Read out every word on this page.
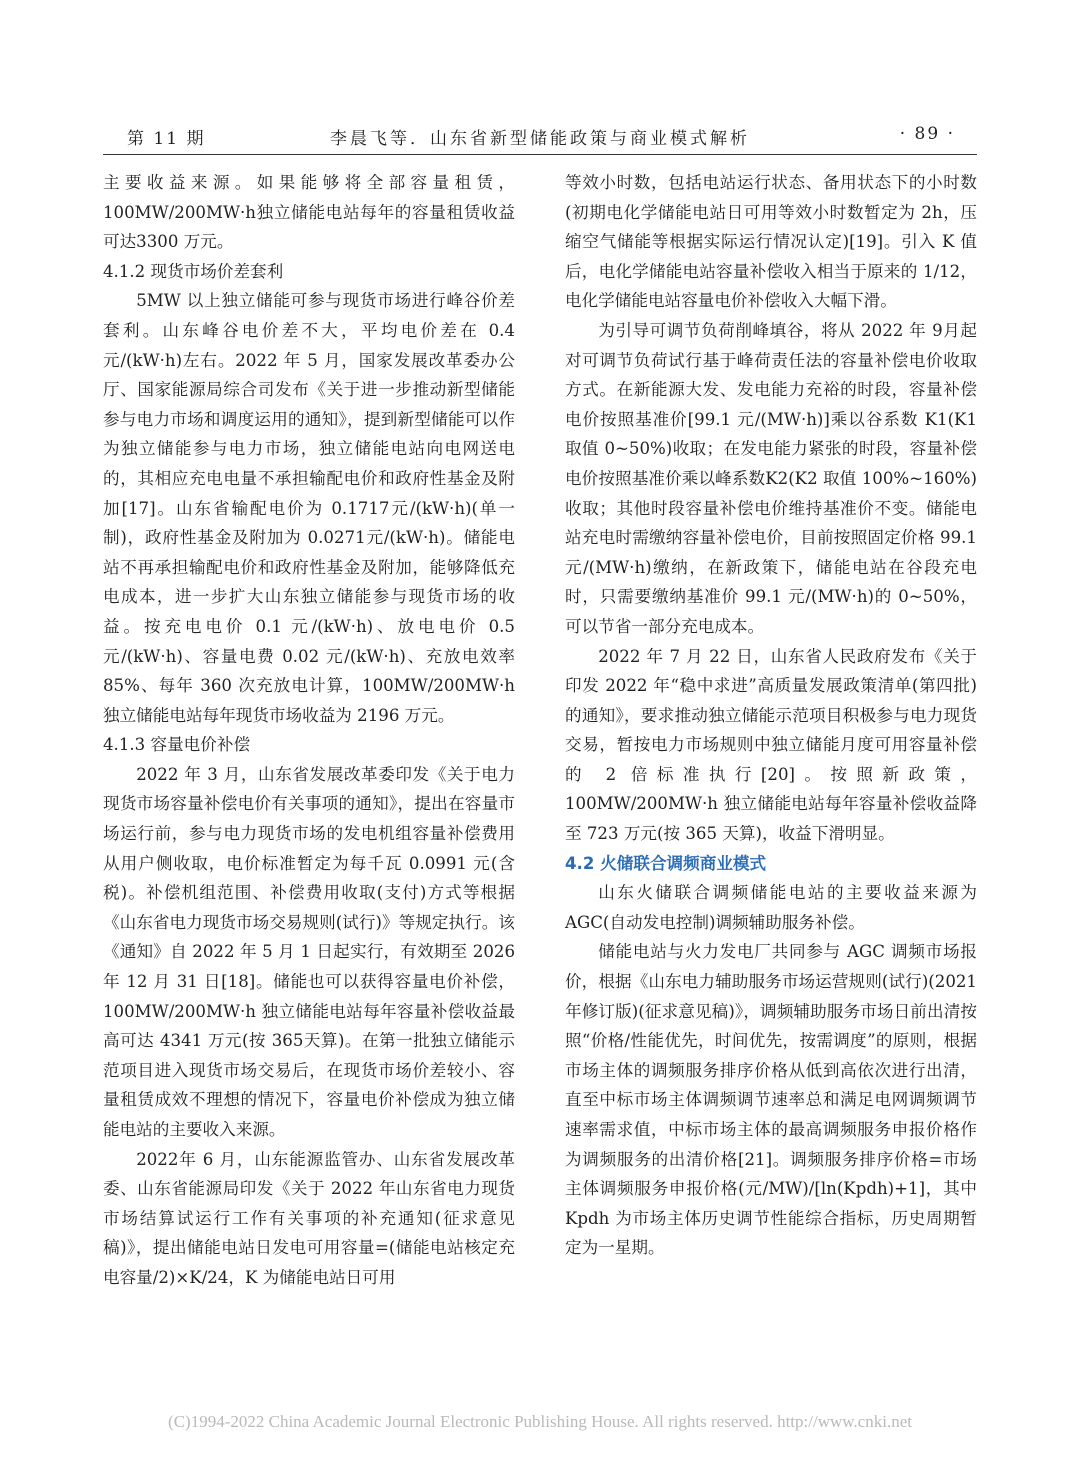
第 11 期	李晨飞等．山东省新型储能政策与商业模式解析	· 89 ·

主要收益来源。如果能够将全部容量租赁，100MW/200MW·h独立储能电站每年的容量租赁收益可达3300 万元。

4.1.2 现货市场价差套利

5MW 以上独立储能可参与现货市场进行峰谷价差套利。山东峰谷电价差不大，平均电价差在 0.4元/(kW·h)左右。2022 年 5 月，国家发展改革委办公厅、国家能源局综合司发布《关于进一步推动新型储能参与电力市场和调度运用的通知》，提到新型储能可以作为独立储能参与电力市场，独立储能电站向电网送电的，其相应充电电量不承担输配电价和政府性基金及附加[17]。山东省输配电价为 0.1717元/(kW·h)(单一制)，政府性基金及附加为 0.0271元/(kW·h)。储能电站不再承担输配电价和政府性基金及附加，能够降低充电成本，进一步扩大山东独立储能参与现货市场的收益。按充电电价 0.1 元/(kW·h)、放电电价 0.5 元/(kW·h)、容量电费 0.02 元/(kW·h)、充放电效率 85%、每年 360 次充放电计算，100MW/200MW·h 独立储能电站每年现货市场收益为 2196 万元。

4.1.3 容量电价补偿

2022 年 3 月，山东省发展改革委印发《关于电力现货市场容量补偿电价有关事项的通知》，提出在容量市场运行前，参与电力现货市场的发电机组容量补偿费用从用户侧收取，电价标准暂定为每千瓦 0.0991 元(含税)。补偿机组范围、补偿费用收取(支付)方式等根据《山东省电力现货市场交易规则(试行)》等规定执行。该《通知》自 2022 年 5 月 1 日起实行，有效期至 2026 年 12 月 31 日[18]。储能也可以获得容量电价补偿，100MW/200MW·h 独立储能电站每年容量补偿收益最高可达 4341 万元(按 365天算)。在第一批独立储能示范项目进入现货市场交易后，在现货市场价差较小、容量租赁成效不理想的情况下，容量电价补偿成为独立储能电站的主要收入来源。

2022年 6 月，山东能源监管办、山东省发展改革委、山东省能源局印发《关于 2022 年山东省电力现货市场结算试运行工作有关事项的补充通知(征求意见稿)》，提出储能电站日发电可用容量=(储能电站核定充电容量/2)×K/24，K 为储能电站日可用

等效小时数，包括电站运行状态、备用状态下的小时数(初期电化学储能电站日可用等效小时数暂定为 2h，压缩空气储能等根据实际运行情况认定)[19]。引入 K 值后，电化学储能电站容量补偿收入相当于原来的 1/12，电化学储能电站容量电价补偿收入大幅下滑。

为引导可调节负荷削峰填谷，将从 2022 年 9月起对可调节负荷试行基于峰荷责任法的容量补偿电价收取方式。在新能源大发、发电能力充裕的时段，容量补偿电价按照基准价[99.1 元/(MW·h)]乘以谷系数 K1(K1 取值 0~50%)收取；在发电能力紧张的时段，容量补偿电价按照基准价乘以峰系数K2(K2 取值 100%~160%)收取；其他时段容量补偿电价维持基准价不变。储能电站充电时需缴纳容量补偿电价，目前按照固定价格 99.1 元/(MW·h)缴纳，在新政策下，储能电站在谷段充电时，只需要缴纳基准价 99.1 元/(MW·h)的 0~50%，可以节省一部分充电成本。

2022 年 7 月 22 日，山东省人民政府发布《关于印发 2022 年“稳中求进”高质量发展政策清单(第四批)的通知》，要求推动独立储能示范项目积极参与电力现货交易，暂按电力市场规则中独立储能月度可用容量补偿的 2 倍标准执行[20]。按照新政策，100MW/200MW·h 独立储能电站每年容量补偿收益降至 723 万元(按 365 天算)，收益下滑明显。

4.2 火储联合调频商业模式

山东火储联合调频储能电站的主要收益来源为 AGC(自动发电控制)调频辅助服务补偿。

储能电站与火力发电厂共同参与 AGC 调频市场报价，根据《山东电力辅助服务市场运营规则(试行)(2021 年修订版)(征求意见稿)》，调频辅助服务市场日前出清按照“价格/性能优先，时间优先，按需调度”的原则，根据市场主体的调频服务排序价格从低到高依次进行出清，直至中标市场主体调频调节速率总和满足电网调频调节速率需求值，中标市场主体的最高调频服务申报价格作为调频服务的出清价格[21]。调频服务排序价格=市场主体调频服务申报价格(元/MW)/[ln(Kpdh)+1]，其中 Kpdh 为市场主体历史调节性能综合指标，历史周期暂定为一星期。

(C)1994-2022 China Academic Journal Electronic Publishing House. All rights reserved. http://www.cnki.net
